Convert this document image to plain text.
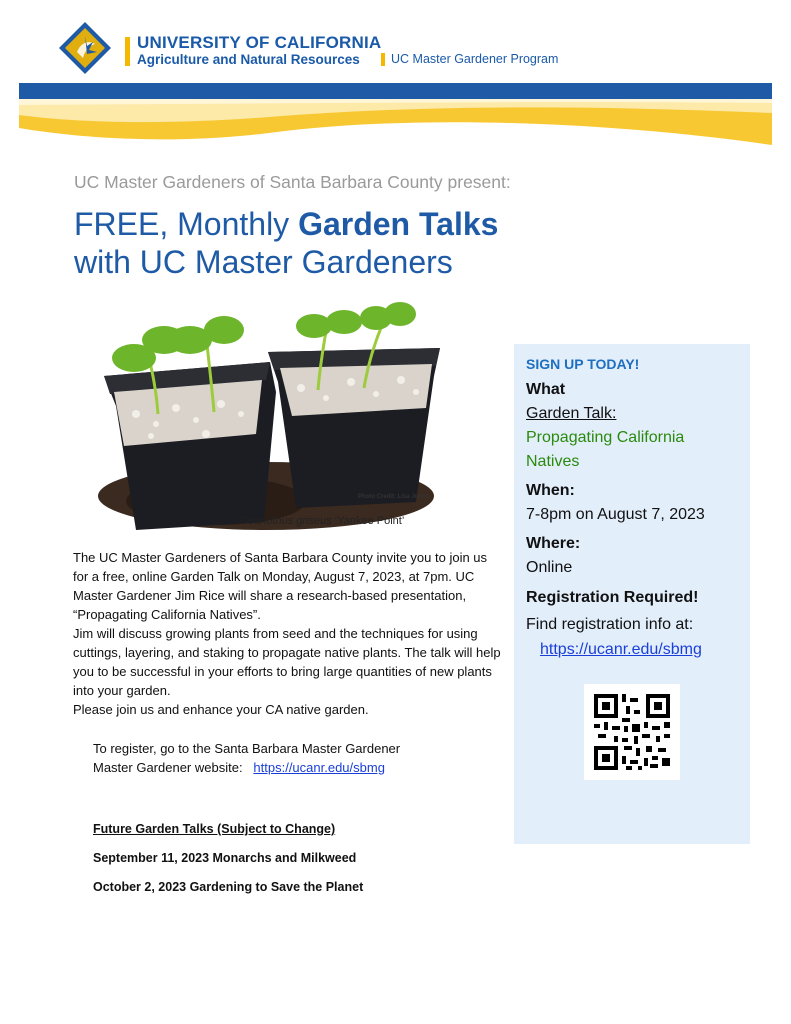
UNIVERSITY OF CALIFORNIA
Agriculture and Natural Resources UC Master Gardener Program
UC Master Gardeners of Santa Barbara County present:
FREE, Monthly Garden Talks
with UC Master Gardeners
Photo Credit: Lisa Jones
Ceanothus griseus ‘Yankee Point’

The UC Master Gardeners of Santa Barbara County invite you to join us for a free, online Garden Talk on Monday, August 7, 2023, at 7pm. UC Master Gardener Jim Rice will share a research-based presentation, “Propagating California Natives”.

Jim will discuss growing plants from seed and the techniques for using cuttings, layering, and staking to propagate native plants. The talk will help you to be successful in your efforts to bring large quantities of new plants into your garden.

Please join us and enhance your CA native garden.

To register, go to the Santa Barbara Master Gardener
Master Gardener website:   https://ucanr.edu/sbmg
Future Garden Talks (Subject to Change)
September 11, 2023 Monarchs and Milkweed
October 2, 2023 Gardening to Save the Planet
SIGN UP TODAY!
What
Garden Talk:
Propagating California
Natives
When:
7-8pm on August 7, 2023
Where:
Online
Registration Required!
Find registration info at:
https://ucanr.edu/sbmg
